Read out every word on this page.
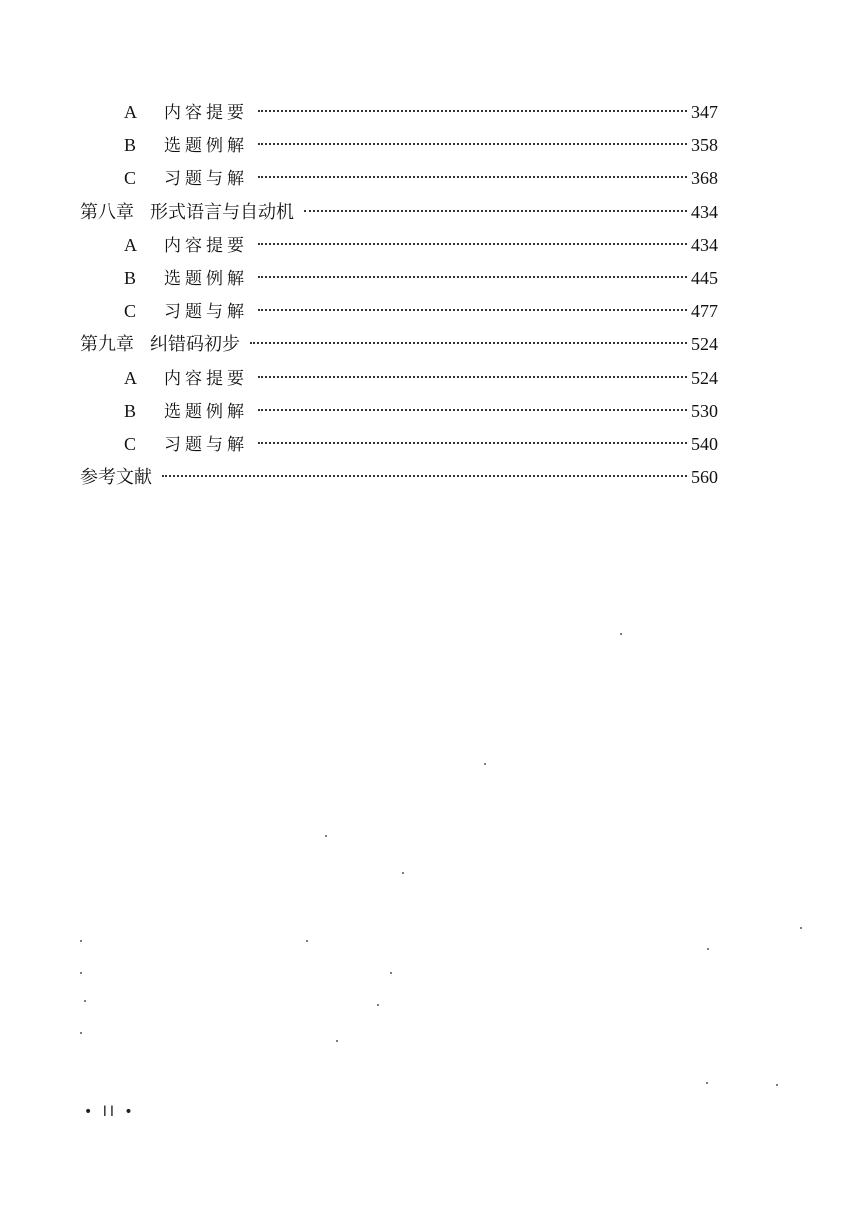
A	内容提要	347
B	选题例解	358
C	习题与解	368
第八章 形式语言与自动机	434
A	内容提要	434
B	选题例解	445
C	习题与解	477
第九章 纠错码初步	524
A	内容提要	524
B	选题例解	530
C	习题与解	540
参考文献	560
• II •
